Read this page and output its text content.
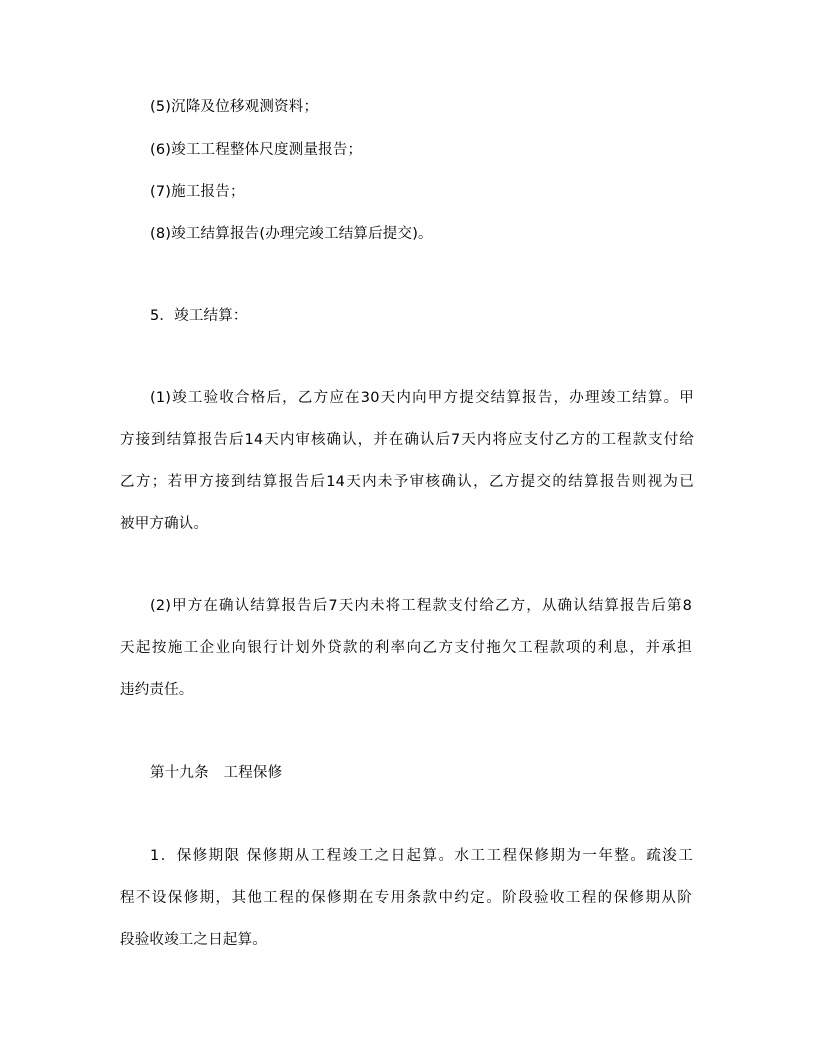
(5)沉降及位移观测资料；
(6)竣工工程整体尺度测量报告；
(7)施工报告；
(8)竣工结算报告(办理完竣工结算后提交)。
5．竣工结算：
(1)竣工验收合格后，乙方应在30天内向甲方提交结算报告，办理竣工结算。甲
方接到结算报告后14天内审核确认，并在确认后7天内将应支付乙方的工程款支付给
乙方；若甲方接到结算报告后14天内未予审核确认，乙方提交的结算报告则视为已
被甲方确认。
(2)甲方在确认结算报告后7天内未将工程款支付给乙方，从确认结算报告后第8
天起按施工企业向银行计划外贷款的利率向乙方支付拖欠工程款项的利息，并承担
违约责任。
第十九条　工程保修
1．保修期限 保修期从工程竣工之日起算。水工工程保修期为一年整。疏浚工
程不设保修期，其他工程的保修期在专用条款中约定。阶段验收工程的保修期从阶
段验收竣工之日起算。
